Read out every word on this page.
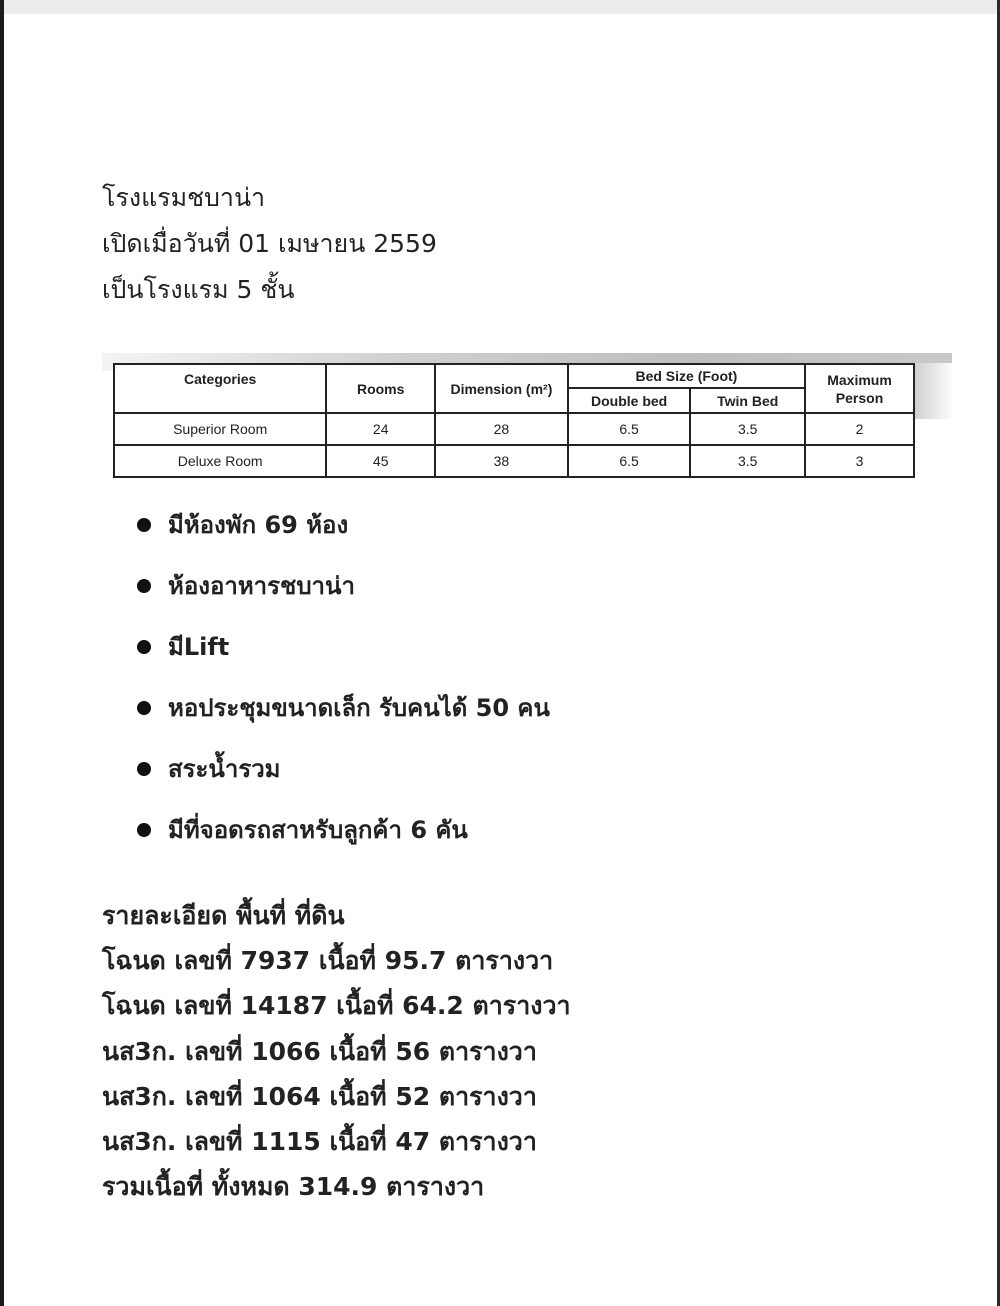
โรงแรมชบาน่า
เปิดเมื่อวันที่ 01 เมษายน 2559
เป็นโรงแรม 5 ชั้น
Categories	Rooms	Dimension (m²)	Bed Size (Foot)		Maximum Person
			Double bed	Twin Bed	
Superior Room	24	28	6.5	3.5	2
Deluxe Room	45	38	6.5	3.5	3
มีห้องพัก 69 ห้อง
ห้องอาหารชบาน่า
มีLift
หอประชุมขนาดเล็ก รับคนได้ 50 คน
สระน้ำรวม
มีที่จอดรถสาหรับลูกค้า 6 คัน
รายละเอียด พื้นที่ ที่ดิน
โฉนด เลขที่ 7937 เนื้อที่ 95.7 ตารางวา
โฉนด เลขที่ 14187 เนื้อที่ 64.2 ตารางวา
นส3ก. เลขที่ 1066 เนื้อที่ 56 ตารางวา
นส3ก. เลขที่ 1064 เนื้อที่ 52 ตารางวา
นส3ก. เลขที่ 1115 เนื้อที่ 47 ตารางวา
รวมเนื้อที่ ทั้งหมด 314.9 ตารางวา
